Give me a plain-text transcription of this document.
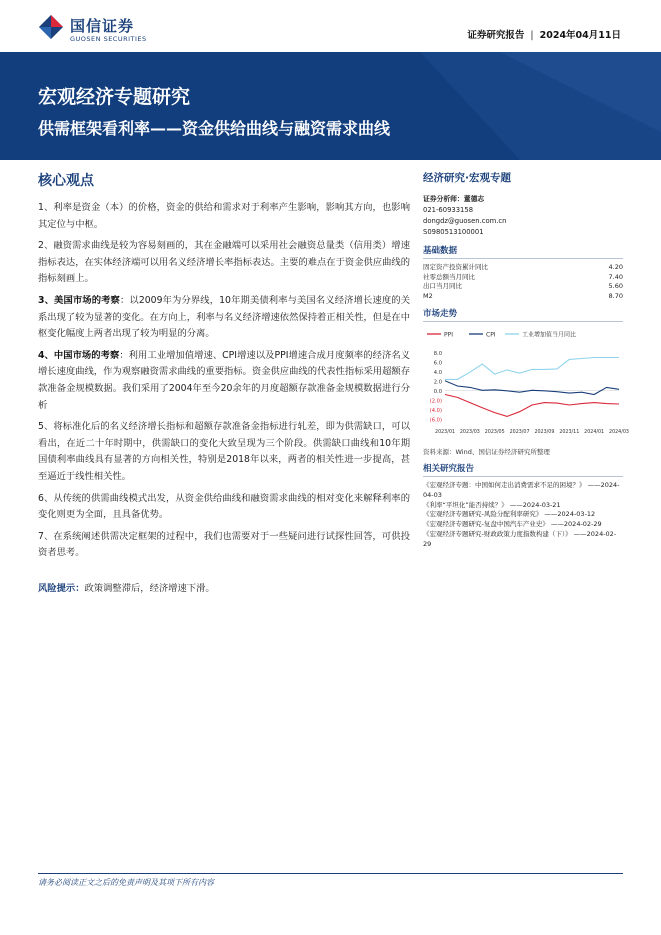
国信证券
GUOSEN SECURITIES	证券研究报告 | 2024年04月11日
宏观经济专题研究
供需框架看利率——资金供给曲线与融资需求曲线
核心观点

1、利率是资金（本）的价格，资金的供给和需求对于利率产生影响，影响其方向，也影响其定位与中枢。

2、融资需求曲线是较为容易刻画的，其在金融端可以采用社会融资总量类（信用类）增速指标表达，在实体经济端可以用名义经济增长率指标表达。主要的难点在于资金供应曲线的指标刻画上。

3、美国市场的考察：以2009年为分界线，10年期美债利率与美国名义经济增长速度的关系出现了较为显著的变化。在方向上，利率与名义经济增速依然保持着正相关性，但是在中枢变化幅度上两者出现了较为明显的分离。

4、中国市场的考察：利用工业增加值增速、CPI增速以及PPI增速合成月度频率的经济名义增长速度曲线，作为观察融资需求曲线的重要指标。资金供应曲线的代表性指标采用超额存款准备金规模数据。我们采用了2004年至今20余年的月度超额存款准备金规模数据进行分析

5、将标准化后的名义经济增长指标和超额存款准备金指标进行轧差，即为供需缺口，可以看出，在近二十年时期中，供需缺口的变化大致呈现为三个阶段。供需缺口曲线和10年期国债利率曲线具有显著的方向相关性，特别是2018年以来，两者的相关性进一步提高，甚至逼近于线性相关性。

6、从传统的供需曲线模式出发，从资金供给曲线和融资需求曲线的相对变化来解释利率的变化则更为全面，且具备优势。

7、在系统阐述供需决定框架的过程中，我们也需要对于一些疑问进行试探性回答，可供投资者思考。

风险提示：政策调整滞后，经济增速下滑。
经济研究·宏观专题
证券分析师：董德志
021-60933158
dongdz@guosen.com.cn
S0980513100001
基础数据
固定资产投资累计同比	4.20
社零总额当月同比	7.40
出口当月同比	5.60
M2	8.70
市场走势
PPI	CPI	工业增加值当月同比
8.0
6.0
4.0
2.0
0.0
(2.0)
(4.0)
(6.0)
2023/01 2023/03 2023/05 2023/07 2023/09 2023/11 2024/01 2024/03
资料来源：Wind、国信证券经济研究所整理
相关研究报告
《宏观经济专题：中国如何走出消费需求不足的困境？》 ——2024-04-03
《利率“平坦化”能否持续？》 ——2024-03-21
《宏观经济专题研究-风险分配利率研究》 ——2024-03-12
《宏观经济专题研究-复盘中国汽车产业史》 ——2024-02-29
《宏观经济专题研究-财政政策力度指数构建（下）》 ——2024-02-29
请务必阅读正文之后的免责声明及其项下所有内容
